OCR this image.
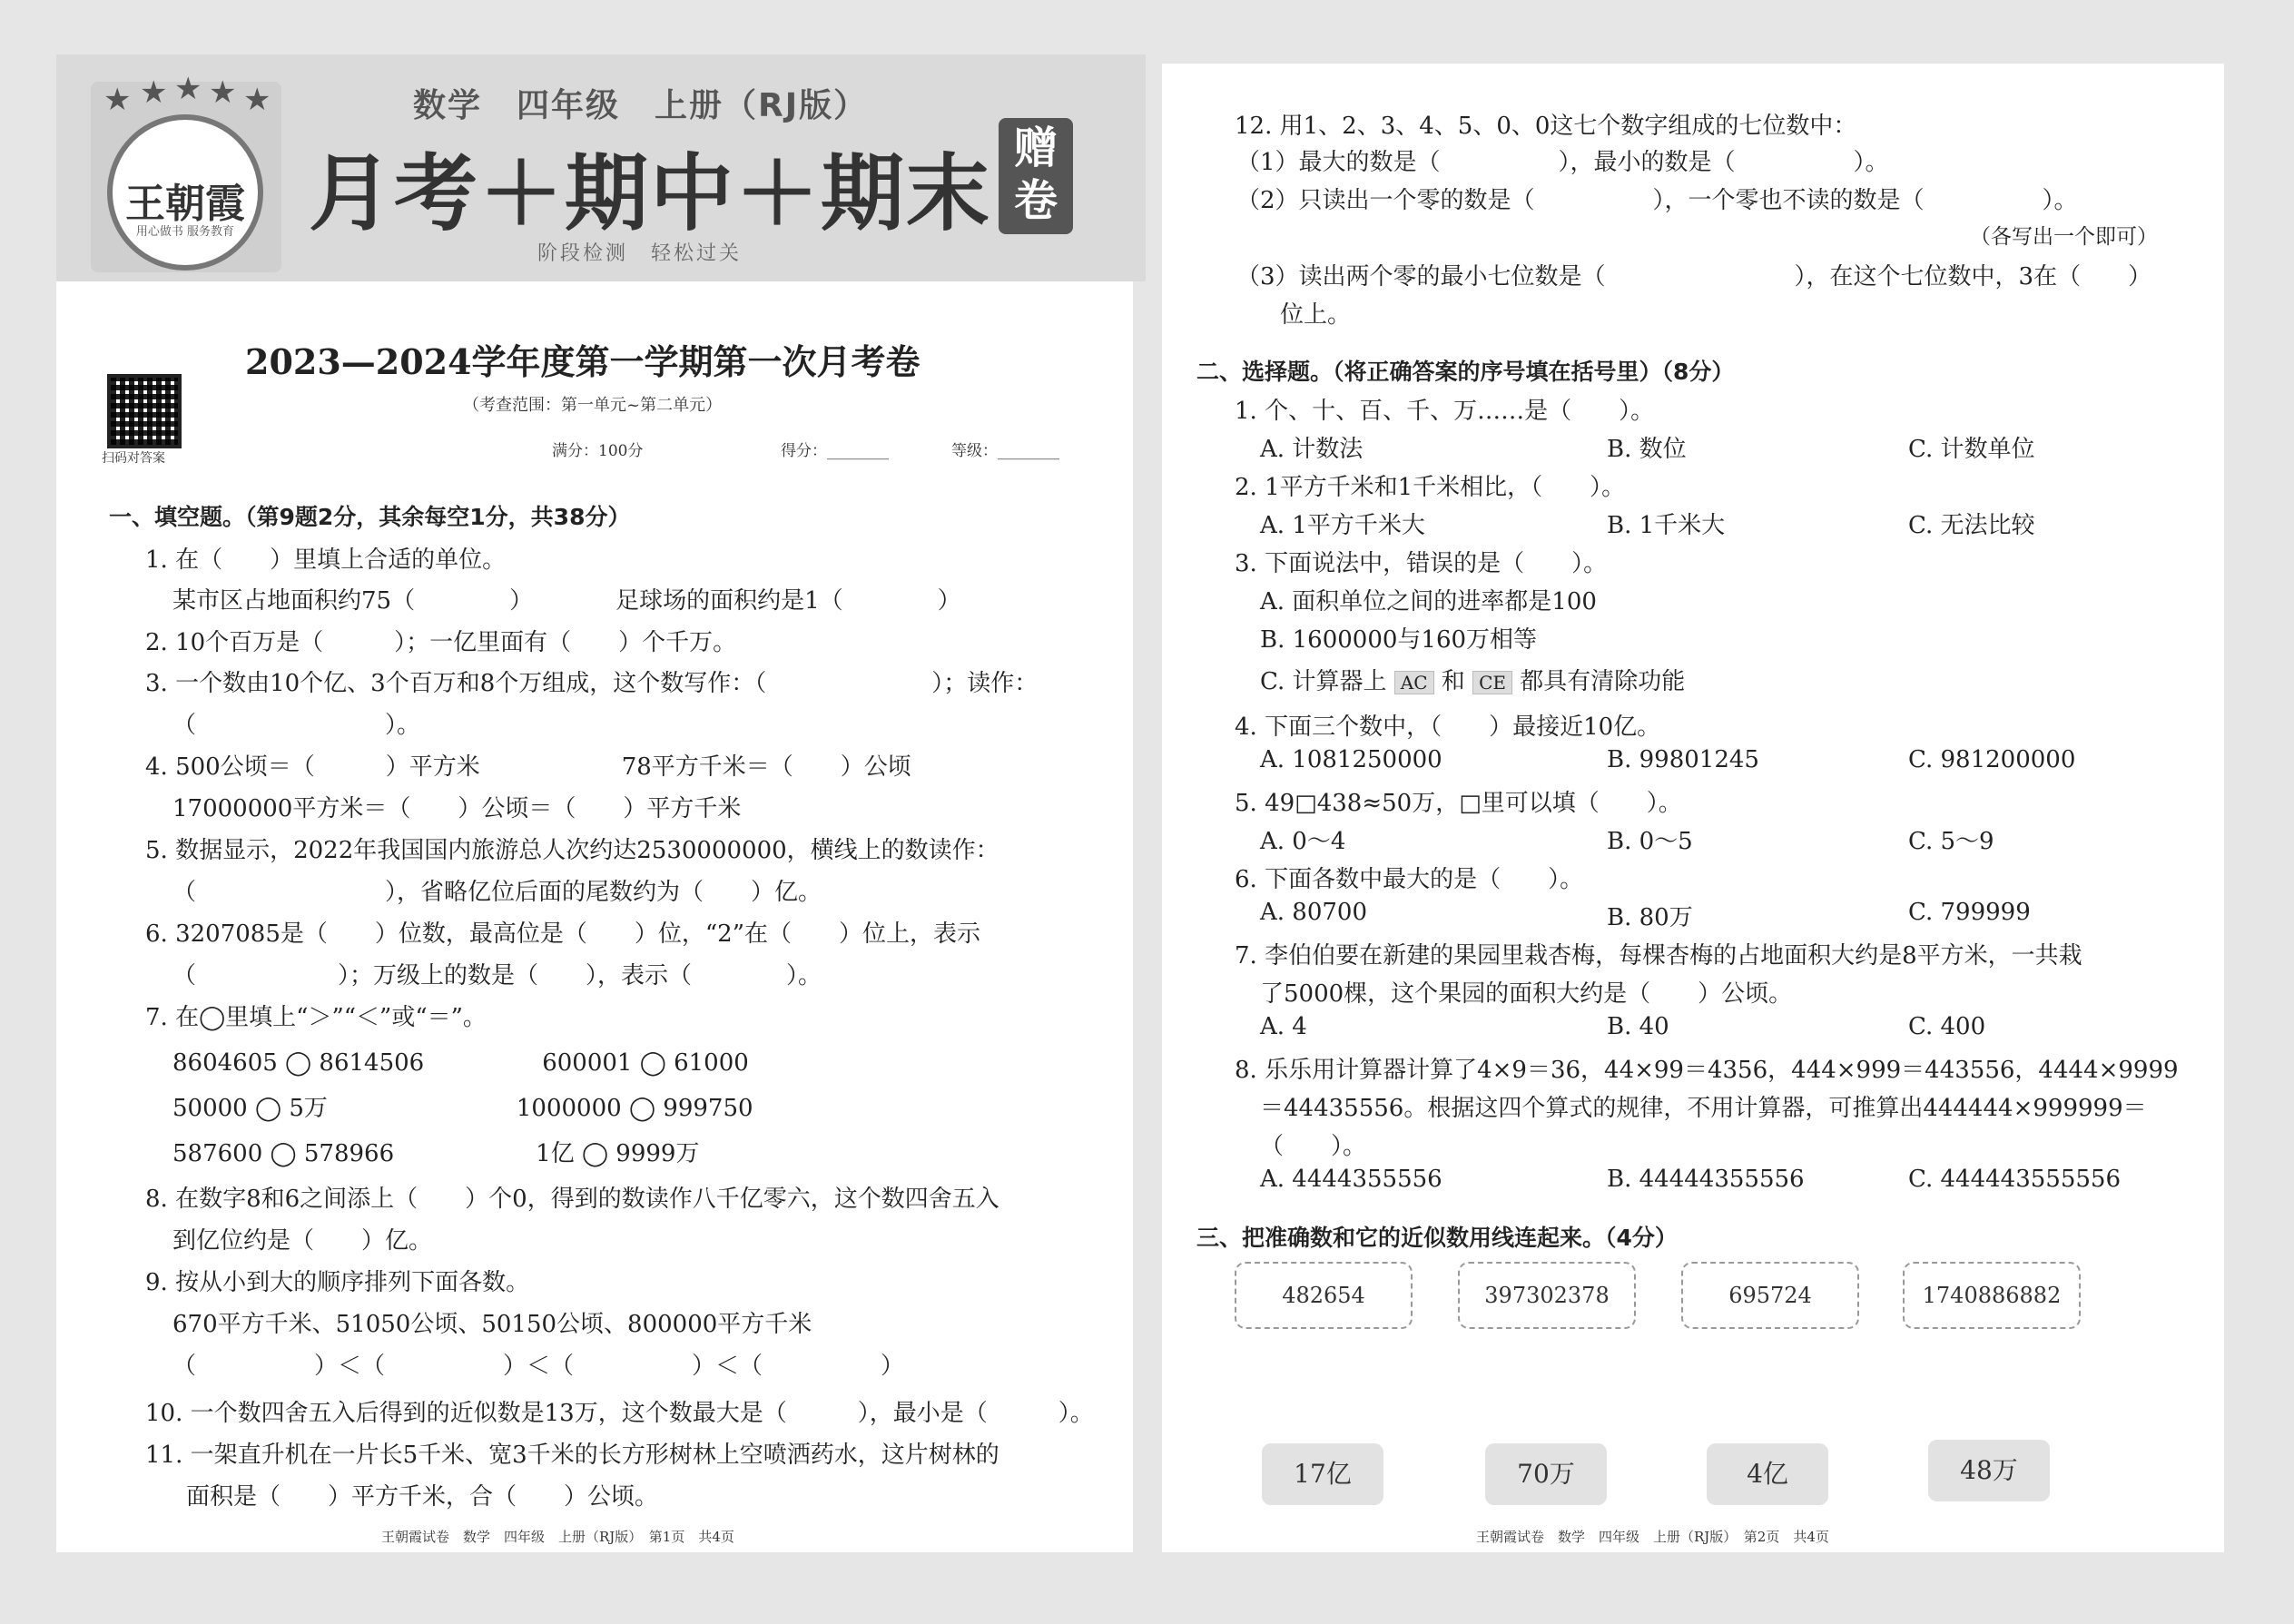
★ ★ ★ ★ ★
王朝霞
用心做书 服务教育
数学　四年级　上册（RJ版）
月考＋期中＋期末
阶段检测　轻松过关
赠卷
扫码对答案
2023—2024学年度第一学期第一次月考卷
（考查范围：第一单元~第二单元）
满分：100分	得分：________	等级：________
一、填空题。（第9题2分，其余每空1分，共38分）
1. 在（　　）里填上合适的单位。
某市区占地面积约75（　　　　）　　　　足球场的面积约是1（　　　　）
2. 10个百万是（　　　）；一亿里面有（　　）个千万。
3. 一个数由10个亿、3个百万和8个万组成，这个数写作：（　　　　　　　）；读作：
（　　　　　　　　）。
4. 500公顷＝（　　　）平方米　　　　　　78平方千米＝（　　）公顷
17000000平方米＝（　　）公顷＝（　　）平方千米
5. 数据显示，2022年我国国内旅游总人次约达2530000000，横线上的数读作：
（　　　　　　　　），省略亿位后面的尾数约为（　　）亿。
6. 3207085是（　　）位数，最高位是（　　）位，“2”在（　　）位上，表示
（　　　　　　）；万级上的数是（　　），表示（　　　　）。
7. 在◯里填上“＞”“＜”或“＝”。
8604605 ◯ 8614506　　　　　600001 ◯ 61000
50000 ◯ 5万　　　　　　　　1000000 ◯ 999750
587600 ◯ 578966　　　　　　1亿 ◯ 9999万
8. 在数字8和6之间添上（　　）个0，得到的数读作八千亿零六，这个数四舍五入
到亿位约是（　　）亿。
9. 按从小到大的顺序排列下面各数。
670平方千米、51050公顷、50150公顷、800000平方千米
（　　　　　）＜（　　　　　）＜（　　　　　）＜（　　　　　）
10. 一个数四舍五入后得到的近似数是13万，这个数最大是（　　　），最小是（　　　）。
11. 一架直升机在一片长5千米、宽3千米的长方形树林上空喷洒药水，这片树林的
面积是（　　）平方千米，合（　　）公顷。
王朝霞试卷　数学　四年级　上册（RJ版）　第1页　共4页
12. 用1、2、3、4、5、0、0这七个数字组成的七位数中：
（1）最大的数是（　　　　　），最小的数是（　　　　　）。
（2）只读出一个零的数是（　　　　　），一个零也不读的数是（　　　　　）。
（各写出一个即可）
（3）读出两个零的最小七位数是（　　　　　　　　），在这个七位数中，3在（　　）
位上。
二、选择题。（将正确答案的序号填在括号里）（8分）
1. 个、十、百、千、万……是（　　）。
A. 计数法	B. 数位	C. 计数单位
2. 1平方千米和1千米相比，（　　）。
A. 1平方千米大	B. 1千米大	C. 无法比较
3. 下面说法中，错误的是（　　）。
A. 面积单位之间的进率都是100
B. 1600000与160万相等
C. 计算器上 AC 和 CE 都具有清除功能
4. 下面三个数中，（　　）最接近10亿。
A. 1081250000	B. 99801245	C. 981200000
5. 49□438≈50万，□里可以填（　　）。
A. 0～4	B. 0～5	C. 5～9
6. 下面各数中最大的是（　　）。
A. 80700	B. 80万	C. 799999
7. 李伯伯要在新建的果园里栽杏梅，每棵杏梅的占地面积大约是8平方米，一共栽
了5000棵，这个果园的面积大约是（　　）公顷。
A. 4	B. 40	C. 400
8. 乐乐用计算器计算了4×9＝36，44×99＝4356，444×999＝443556，4444×9999
＝44435556。根据这四个算式的规律，不用计算器，可推算出444444×999999＝
（　　）。
A. 4444355556	B. 44444355556	C. 444443555556
三、把准确数和它的近似数用线连起来。（4分）
482654	397302378	695724	1740886882
17亿	70万	4亿	48万
王朝霞试卷　数学　四年级　上册（RJ版）　第2页　共4页
